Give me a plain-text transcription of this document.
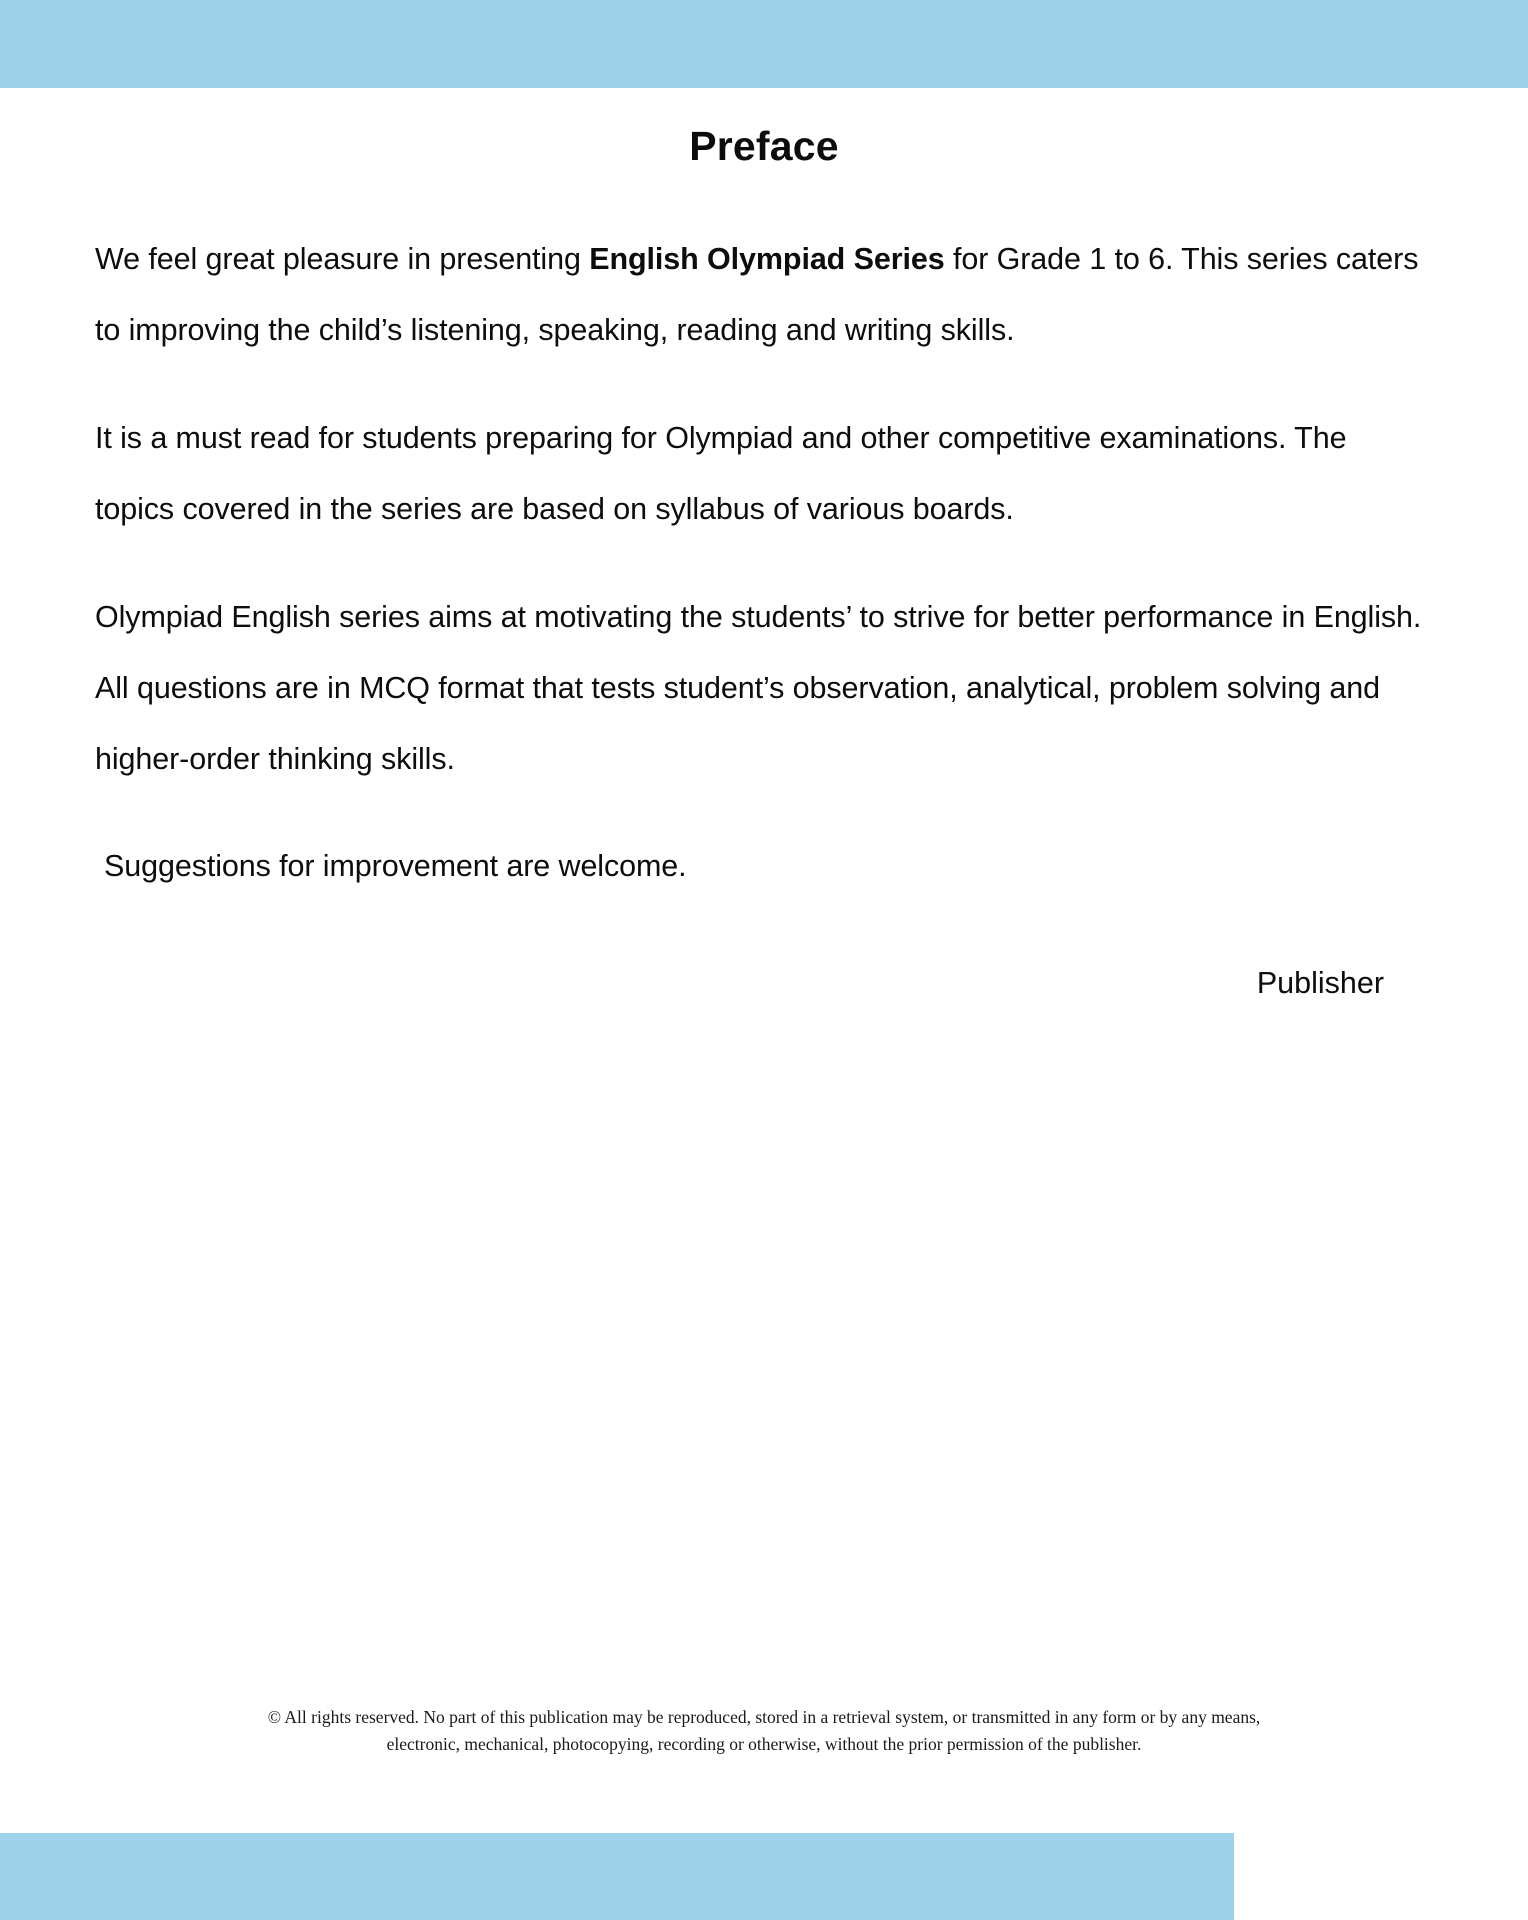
Preface

We feel great pleasure in presenting English Olympiad Series for Grade 1 to 6. This series caters to improving the child’s listening, speaking, reading and writing skills.

It is a must read for students preparing for Olympiad and other competitive examinations. The topics covered in the series are based on syllabus of various boards.

Olympiad English series aims at motivating the students’ to strive for better performance in English. All questions are in MCQ format that tests student’s observation, analytical, problem solving and higher-order thinking skills.

Suggestions for improvement are welcome.

Publisher

© All rights reserved. No part of this publication may be reproduced, stored in a retrieval system, or transmitted in any form or by any means,
electronic, mechanical, photocopying, recording or otherwise, without the prior permission of the publisher.
